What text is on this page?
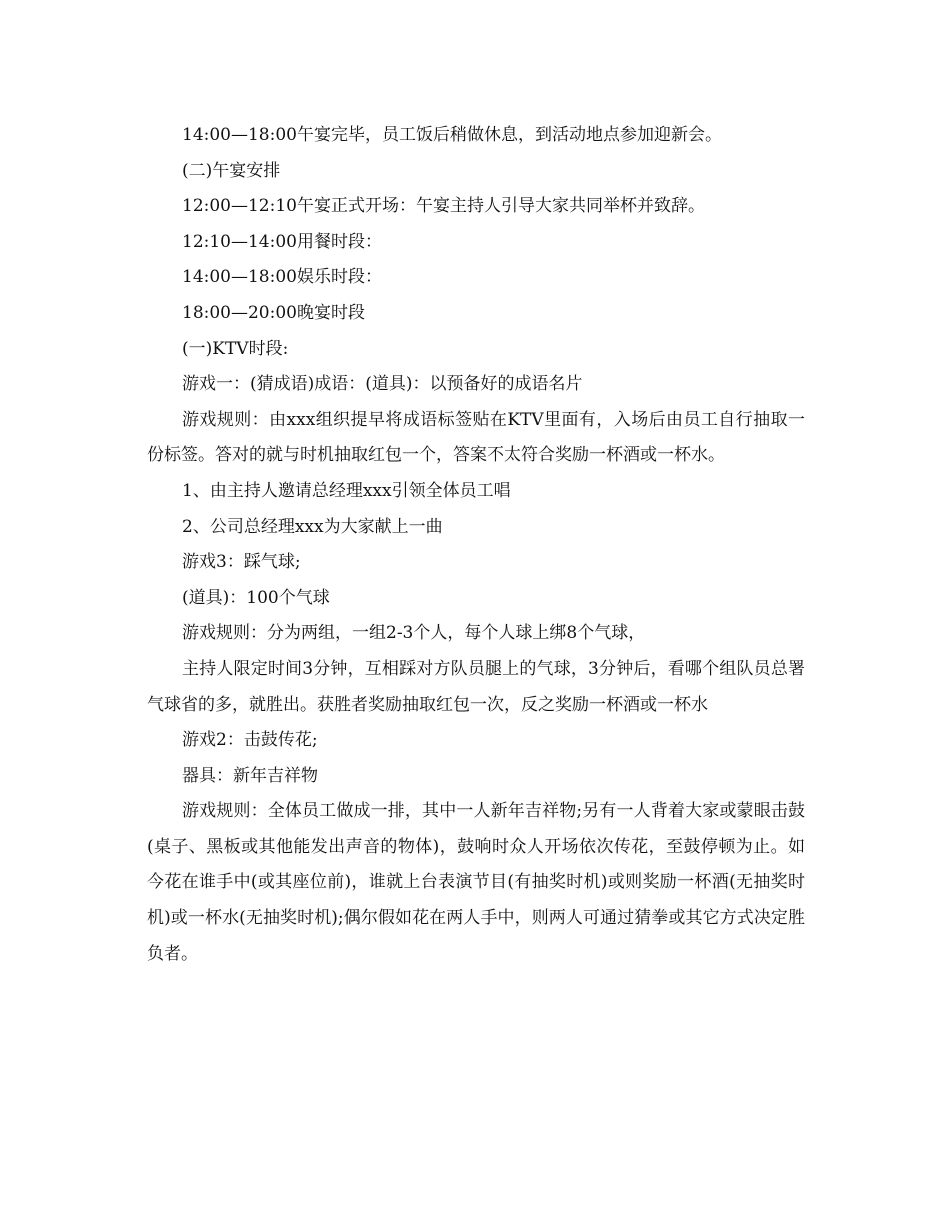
14:00—18:00午宴完毕，员工饭后稍做休息，到活动地点参加迎新会。

(二)午宴安排

12:00—12:10午宴正式开场：午宴主持人引导大家共同举杯并致辞。

12:10—14:00用餐时段：

14:00—18:00娱乐时段：

18:00—20:00晚宴时段

(一)KTV时段:

游戏一：(猜成语)成语：(道具)：以预备好的成语名片

游戏规则：由xxx组织提早将成语标签贴在KTV里面有，入场后由员工自行抽取一份标签。答对的就与时机抽取红包一个，答案不太符合奖励一杯酒或一杯水。

1、由主持人邀请总经理xxx引领全体员工唱

2、公司总经理xxx为大家献上一曲

游戏3：踩气球;

(道具)：100个气球

游戏规则：分为两组，一组2-3个人，每个人球上绑8个气球，

主持人限定时间3分钟，互相踩对方队员腿上的气球，3分钟后，看哪个组队员总署气球省的多，就胜出。获胜者奖励抽取红包一次，反之奖励一杯酒或一杯水

游戏2：击鼓传花;

器具：新年吉祥物

游戏规则：全体员工做成一排，其中一人新年吉祥物;另有一人背着大家或蒙眼击鼓(桌子、黑板或其他能发出声音的物体)，鼓响时众人开场依次传花，至鼓停顿为止。如今花在谁手中(或其座位前)，谁就上台表演节目(有抽奖时机)或则奖励一杯酒(无抽奖时机)或一杯水(无抽奖时机);偶尔假如花在两人手中，则两人可通过猜拳或其它方式决定胜负者。
